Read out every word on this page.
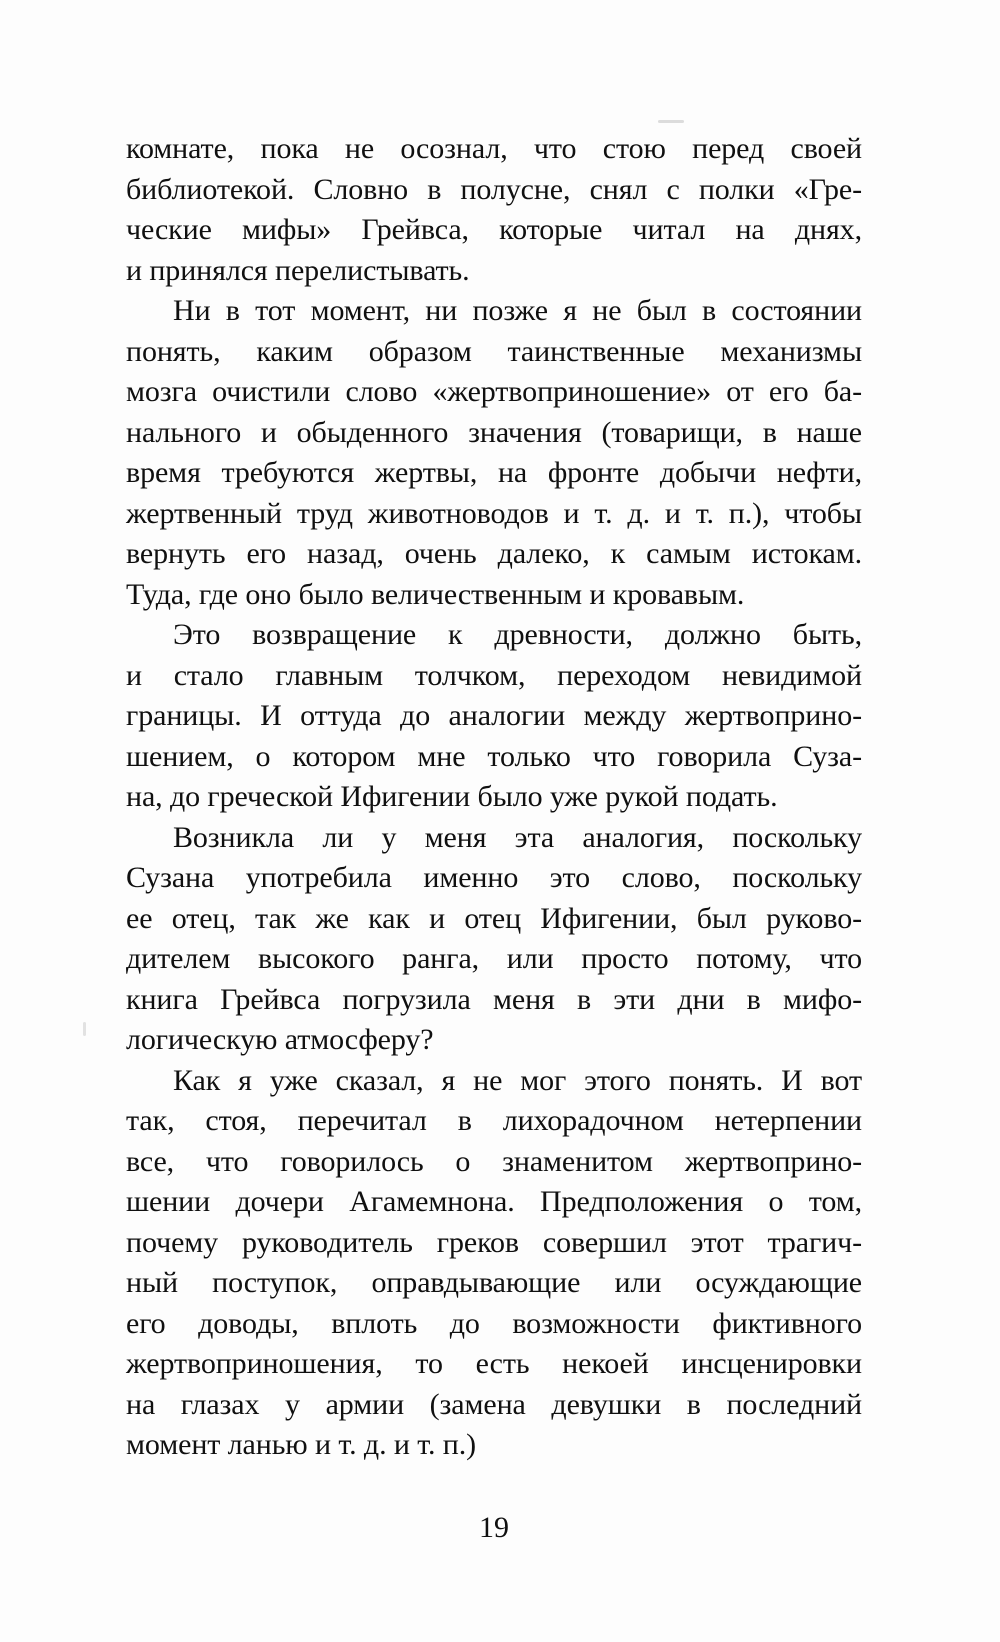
комнате, пока не осознал, что стою перед своей
библиотекой. Словно в полусне, снял с полки «Гре-
ческие мифы» Грейвса, которые читал на днях,
и принялся перелистывать.
Ни в тот момент, ни позже я не был в состоянии
понять, каким образом таинственные механизмы
мозга очистили слово «жертвоприношение» от его ба-
нального и обыденного значения (товарищи, в наше
время требуются жертвы, на фронте добычи нефти,
жертвенный труд животноводов и т. д. и т. п.), чтобы
вернуть его назад, очень далеко, к самым истокам.
Туда, где оно было величественным и кровавым.
Это возвращение к древности, должно быть,
и стало главным толчком, переходом невидимой
границы. И оттуда до аналогии между жертвоприно-
шением, о котором мне только что говорила Суза-
на, до греческой Ифигении было уже рукой подать.
Возникла ли у меня эта аналогия, поскольку
Сузана употребила именно это слово, поскольку
ее отец, так же как и отец Ифигении, был руково-
дителем высокого ранга, или просто потому, что
книга Грейвса погрузила меня в эти дни в мифо-
логическую атмосферу?
Как я уже сказал, я не мог этого понять. И вот
так, стоя, перечитал в лихорадочном нетерпении
все, что говорилось о знаменитом жертвоприно-
шении дочери Агамемнона. Предположения о том,
почему руководитель греков совершил этот трагич-
ный поступок, оправдывающие или осуждающие
его доводы, вплоть до возможности фиктивного
жертвоприношения, то есть некоей инсценировки
на глазах у армии (замена девушки в последний
момент ланью и т. д. и т. п.)
19
